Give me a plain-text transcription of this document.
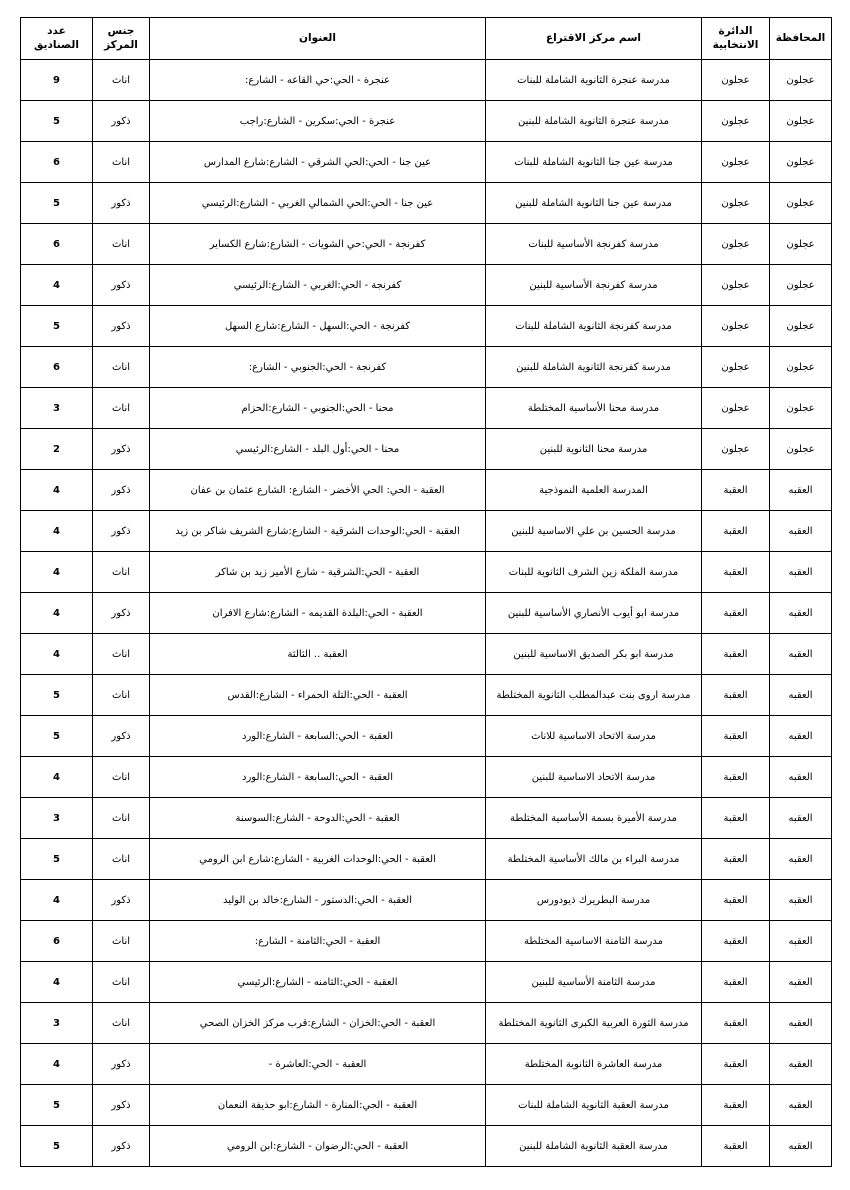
المحافظة	الدائرة الانتخابية	اسم مركز الاقتراع	العنوان	جنس المركز	عدد الصناديق
عجلون	عجلون	مدرسة عنجرة الثانوية الشاملة للبنات	عنجرة - الحي:حي القاعه - الشارع:	اناث	9
عجلون	عجلون	مدرسة عنجرة الثانوية الشاملة للبنين	عنجرة - الحي:سكرين - الشارع:راجب	ذكور	5
عجلون	عجلون	مدرسة عين جنا الثانوية الشاملة للبنات	عين جنا - الحي:الحي الشرقي - الشارع:شارع المدارس	اناث	6
عجلون	عجلون	مدرسة عين جنا الثانوية الشاملة للبنين	عين جنا - الحي:الحي الشمالي الغربي - الشارع:الرئيسي	ذكور	5
عجلون	عجلون	مدرسة كفرنجة الأساسية للبنات	كفرنجة - الحي:حي الشويات - الشارع:شارع الكساير	اناث	6
عجلون	عجلون	مدرسة كفرنجة الأساسية للبنين	كفرنجة - الحي:الغربي - الشارع:الرئيسي	ذكور	4
عجلون	عجلون	مدرسة كفرنجة الثانوية الشاملة للبنات	كفرنجة - الحي:السهل - الشارع:شارع السهل	ذكور	5
عجلون	عجلون	مدرسة كفرنجة الثانوية الشاملة للبنين	كفرنجة - الحي:الجنوبي - الشارع:	اناث	6
عجلون	عجلون	مدرسة محنا الأساسية المختلطة	محنا - الحي:الجنوبي - الشارع:الحزام	اناث	3
عجلون	عجلون	مدرسة محنا الثانوية للبنين	محنا - الحي:أول البلد - الشارع:الرئيسي	ذكور	2
العقبه	العقبة	المدرسة العلمية النموذجية	العقبة - الحي: الحي الأخضر - الشارع: الشارع عثمان بن عفان	ذكور	4
العقبه	العقبة	مدرسة الحسين بن علي الاساسية للبنين	العقبة - الحي:الوحدات الشرقية - الشارع:شارع الشريف شاكر بن زيد	ذكور	4
العقبه	العقبة	مدرسة الملكة زين الشرف الثانوية للبنات	العقبة - الحي:الشرقية - شارع الأمير زيد بن شاكر	اناث	4
العقبه	العقبة	مدرسة ابو أيوب الأنصاري الأساسية للبنين	العقبة - الحي:البلدة القديمه - الشارع:شارع الافران	ذكور	4
العقبه	العقبة	مدرسة ابو بكر الصديق الاساسية للبنين	العقبة .. الثالثة	اناث	4
العقبه	العقبة	مدرسة اروى بنت عبدالمطلب الثانوية المختلطة	العقبة - الحي:التلة الحمراء - الشارع:القدس	اناث	5
العقبه	العقبة	مدرسة الاتحاد الاساسية للاناث	العقبة - الحي:السابعة - الشارع:الورد	ذكور	5
العقبه	العقبة	مدرسة الاتحاد الاساسية للبنين	العقبة - الحي:السابعة - الشارع:الورد	اناث	4
العقبه	العقبة	مدرسة الأميرة بسمة الأساسية المختلطة	العقبة - الحي:الدوحة - الشارع:السوسنة	اناث	3
العقبه	العقبة	مدرسة البراء بن مالك الأساسية المختلطة	العقبة - الحي:الوحدات الغربية - الشارع:شارع ابن الرومي	اناث	5
العقبه	العقبة	مدرسة البطريرك ذيودورس	العقبة - الحي:الدستور - الشارع:خالد بن الوليد	ذكور	4
العقبه	العقبة	مدرسة الثامنة الاساسية المختلطة	العقبة - الحي:الثامنة - الشارع:	اناث	6
العقبه	العقبة	مدرسة الثامنة الأساسية للبنين	العقبة - الحي:الثامنه - الشارع:الرئيسي	اناث	4
العقبه	العقبة	مدرسة الثورة العربية الكبرى الثانوية المختلطة	العقبة - الحي:الخزان - الشارع:قرب مركز الخزان الصحي	اناث	3
العقبه	العقبة	مدرسة العاشرة الثانوية المختلطة	العقبة - الحي:العاشرة -	ذكور	4
العقبه	العقبة	مدرسة العقبة الثانوية الشاملة للبنات	العقبة - الحي:المنارة - الشارع:ابو حذيفة النعمان	ذكور	5
العقبه	العقبة	مدرسة العقبة الثانوية الشاملة للبنين	العقبة - الحي:الرضوان - الشارع:ابن الرومي	ذكور	5
